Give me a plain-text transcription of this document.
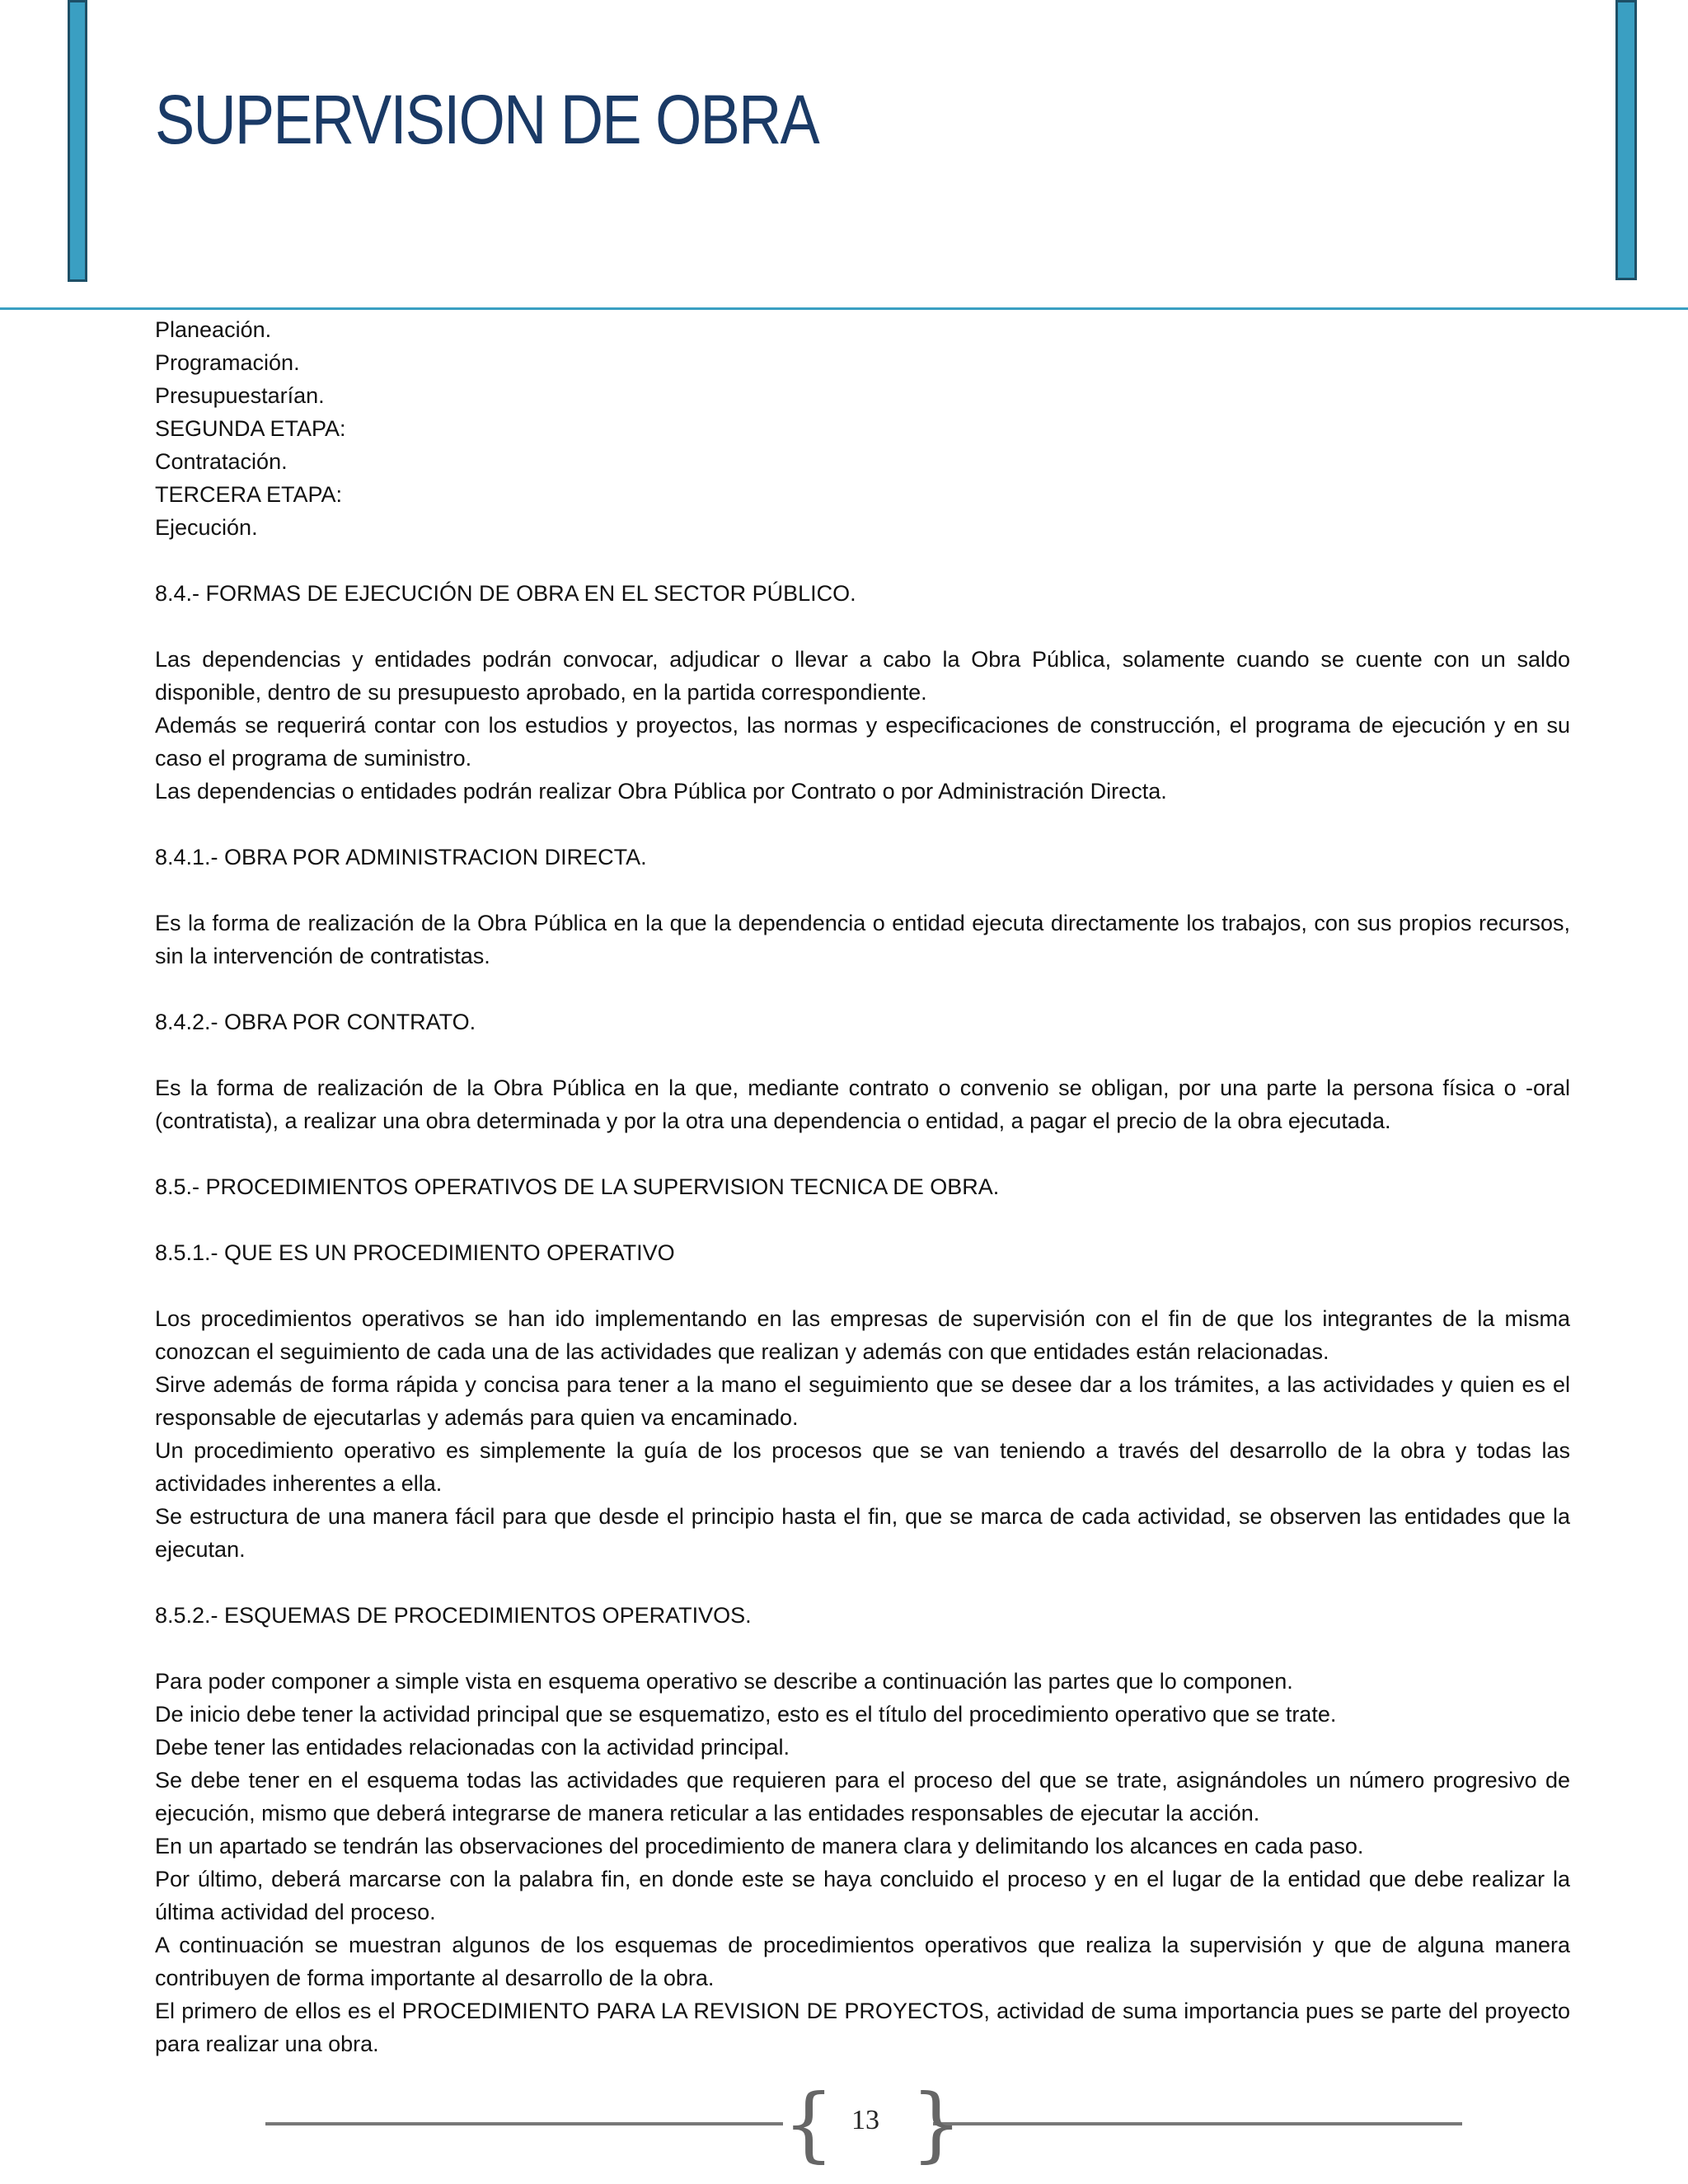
SUPERVISION DE OBRA

Planeación.

Programación.

Presupuestarían.

SEGUNDA ETAPA:

Contratación.

TERCERA ETAPA:

Ejecución.

8.4.- FORMAS DE EJECUCIÓN DE OBRA EN EL SECTOR PÚBLICO.

Las dependencias y entidades podrán convocar, adjudicar o llevar a cabo la Obra Pública, solamente cuando se cuente con un saldo disponible, dentro de su presupuesto aprobado, en la partida correspondiente.

Además se requerirá contar con los estudios y proyectos, las normas y especificaciones de construcción, el programa de ejecución y en su caso el programa de suministro.

Las dependencias o entidades podrán realizar Obra Pública por Contrato o por Administración Directa.

8.4.1.- OBRA POR ADMINISTRACION DIRECTA.

Es la forma de realización de la Obra Pública en la que la dependencia o entidad ejecuta directamente los trabajos, con sus propios recursos, sin la intervención de contratistas.

8.4.2.- OBRA POR CONTRATO.

Es la forma de realización de la Obra Pública en la que, mediante contrato o convenio se obligan, por una parte la persona física o -oral (contratista), a realizar una obra determinada y por la otra una dependencia o entidad, a pagar el precio de la obra ejecutada.

8.5.- PROCEDIMIENTOS OPERATIVOS DE LA SUPERVISION TECNICA DE OBRA.

8.5.1.- QUE ES UN PROCEDIMIENTO OPERATIVO

Los procedimientos operativos se han ido implementando en las empresas de supervisión con el fin de que los integrantes de la misma conozcan el seguimiento de cada una de las actividades que realizan y además con que entidades están relacionadas.

Sirve además de forma rápida y concisa para tener a la mano el seguimiento que se desee dar a los trámites, a las actividades y quien es el responsable de ejecutarlas y además para quien va encaminado.

Un procedimiento operativo es simplemente la guía de los procesos que se van teniendo a través del desarrollo de la obra y todas las actividades inherentes a ella.

Se estructura de una manera fácil para que desde el principio hasta el fin, que se marca de cada actividad, se observen las entidades que la ejecutan.

8.5.2.- ESQUEMAS DE PROCEDIMIENTOS OPERATIVOS.

Para poder componer a simple vista en esquema operativo se describe a continuación las partes que lo componen.

De inicio debe tener la actividad principal que se esquematizo, esto es el título del procedimiento operativo que se trate.

Debe tener las entidades relacionadas con la actividad principal.

Se debe tener en el esquema todas las actividades que requieren para el proceso del que se trate, asignándoles un número progresivo de ejecución, mismo que deberá integrarse de manera reticular a las entidades responsables de ejecutar la acción.

En un apartado se tendrán las observaciones del procedimiento de manera clara y delimitando los alcances en cada paso.

Por último, deberá marcarse con la palabra fin, en donde este se haya concluido el proceso y en el lugar de la entidad que debe realizar la última actividad del proceso.

A continuación se muestran algunos de los esquemas de procedimientos operativos que realiza la supervisión y que de alguna manera contribuyen de forma importante al desarrollo de la obra.

El primero de ellos es el PROCEDIMIENTO PARA LA REVISION DE PROYECTOS, actividad de suma importancia pues se parte del proyecto para realizar una obra.

{ }
13
